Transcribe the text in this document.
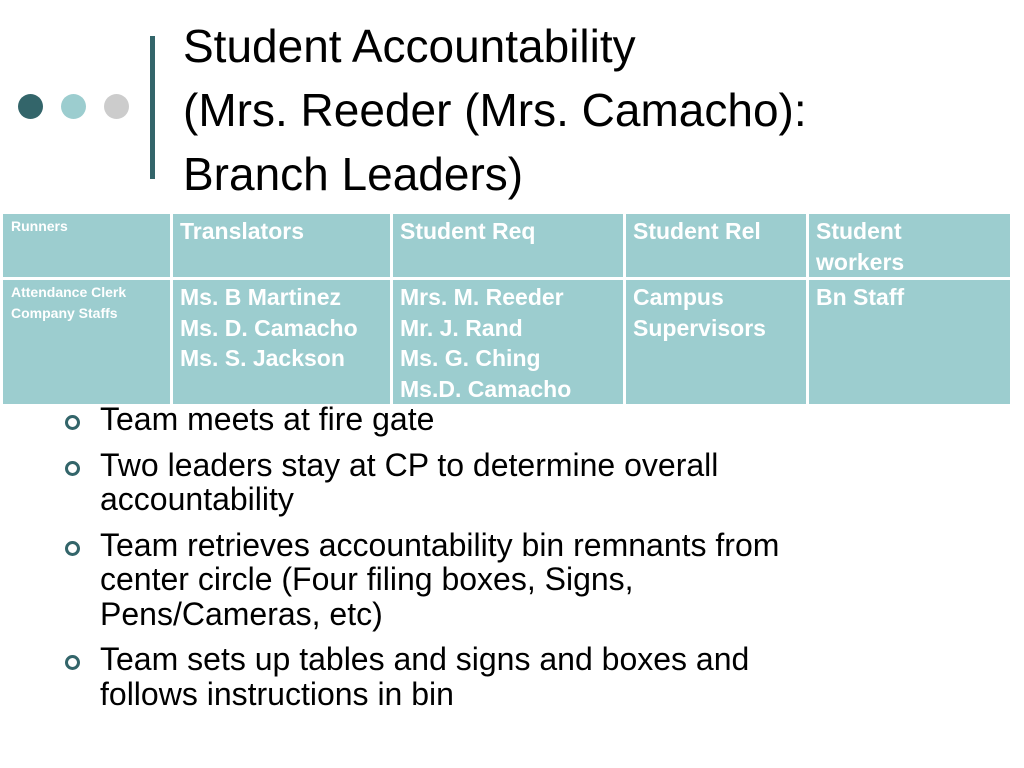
Student Accountability
(Mrs. Reeder (Mrs. Camacho):
Branch Leaders)
Runners	Translators	Student Req	Student Rel	Student
workers

Attendance Clerk
Company Staffs	Ms. B Martinez
Ms. D. Camacho
Ms. S. Jackson	Mrs. M. Reeder
Mr. J. Rand
Ms. G. Ching
Ms.D. Camacho	Campus
Supervisors	Bn Staff
Team meets at fire gate
Two leaders stay at CP to determine overall
accountability
Team retrieves accountability bin remnants from
center circle (Four filing boxes, Signs,
Pens/Cameras, etc)
Team sets up tables and signs and boxes and
follows instructions in bin
